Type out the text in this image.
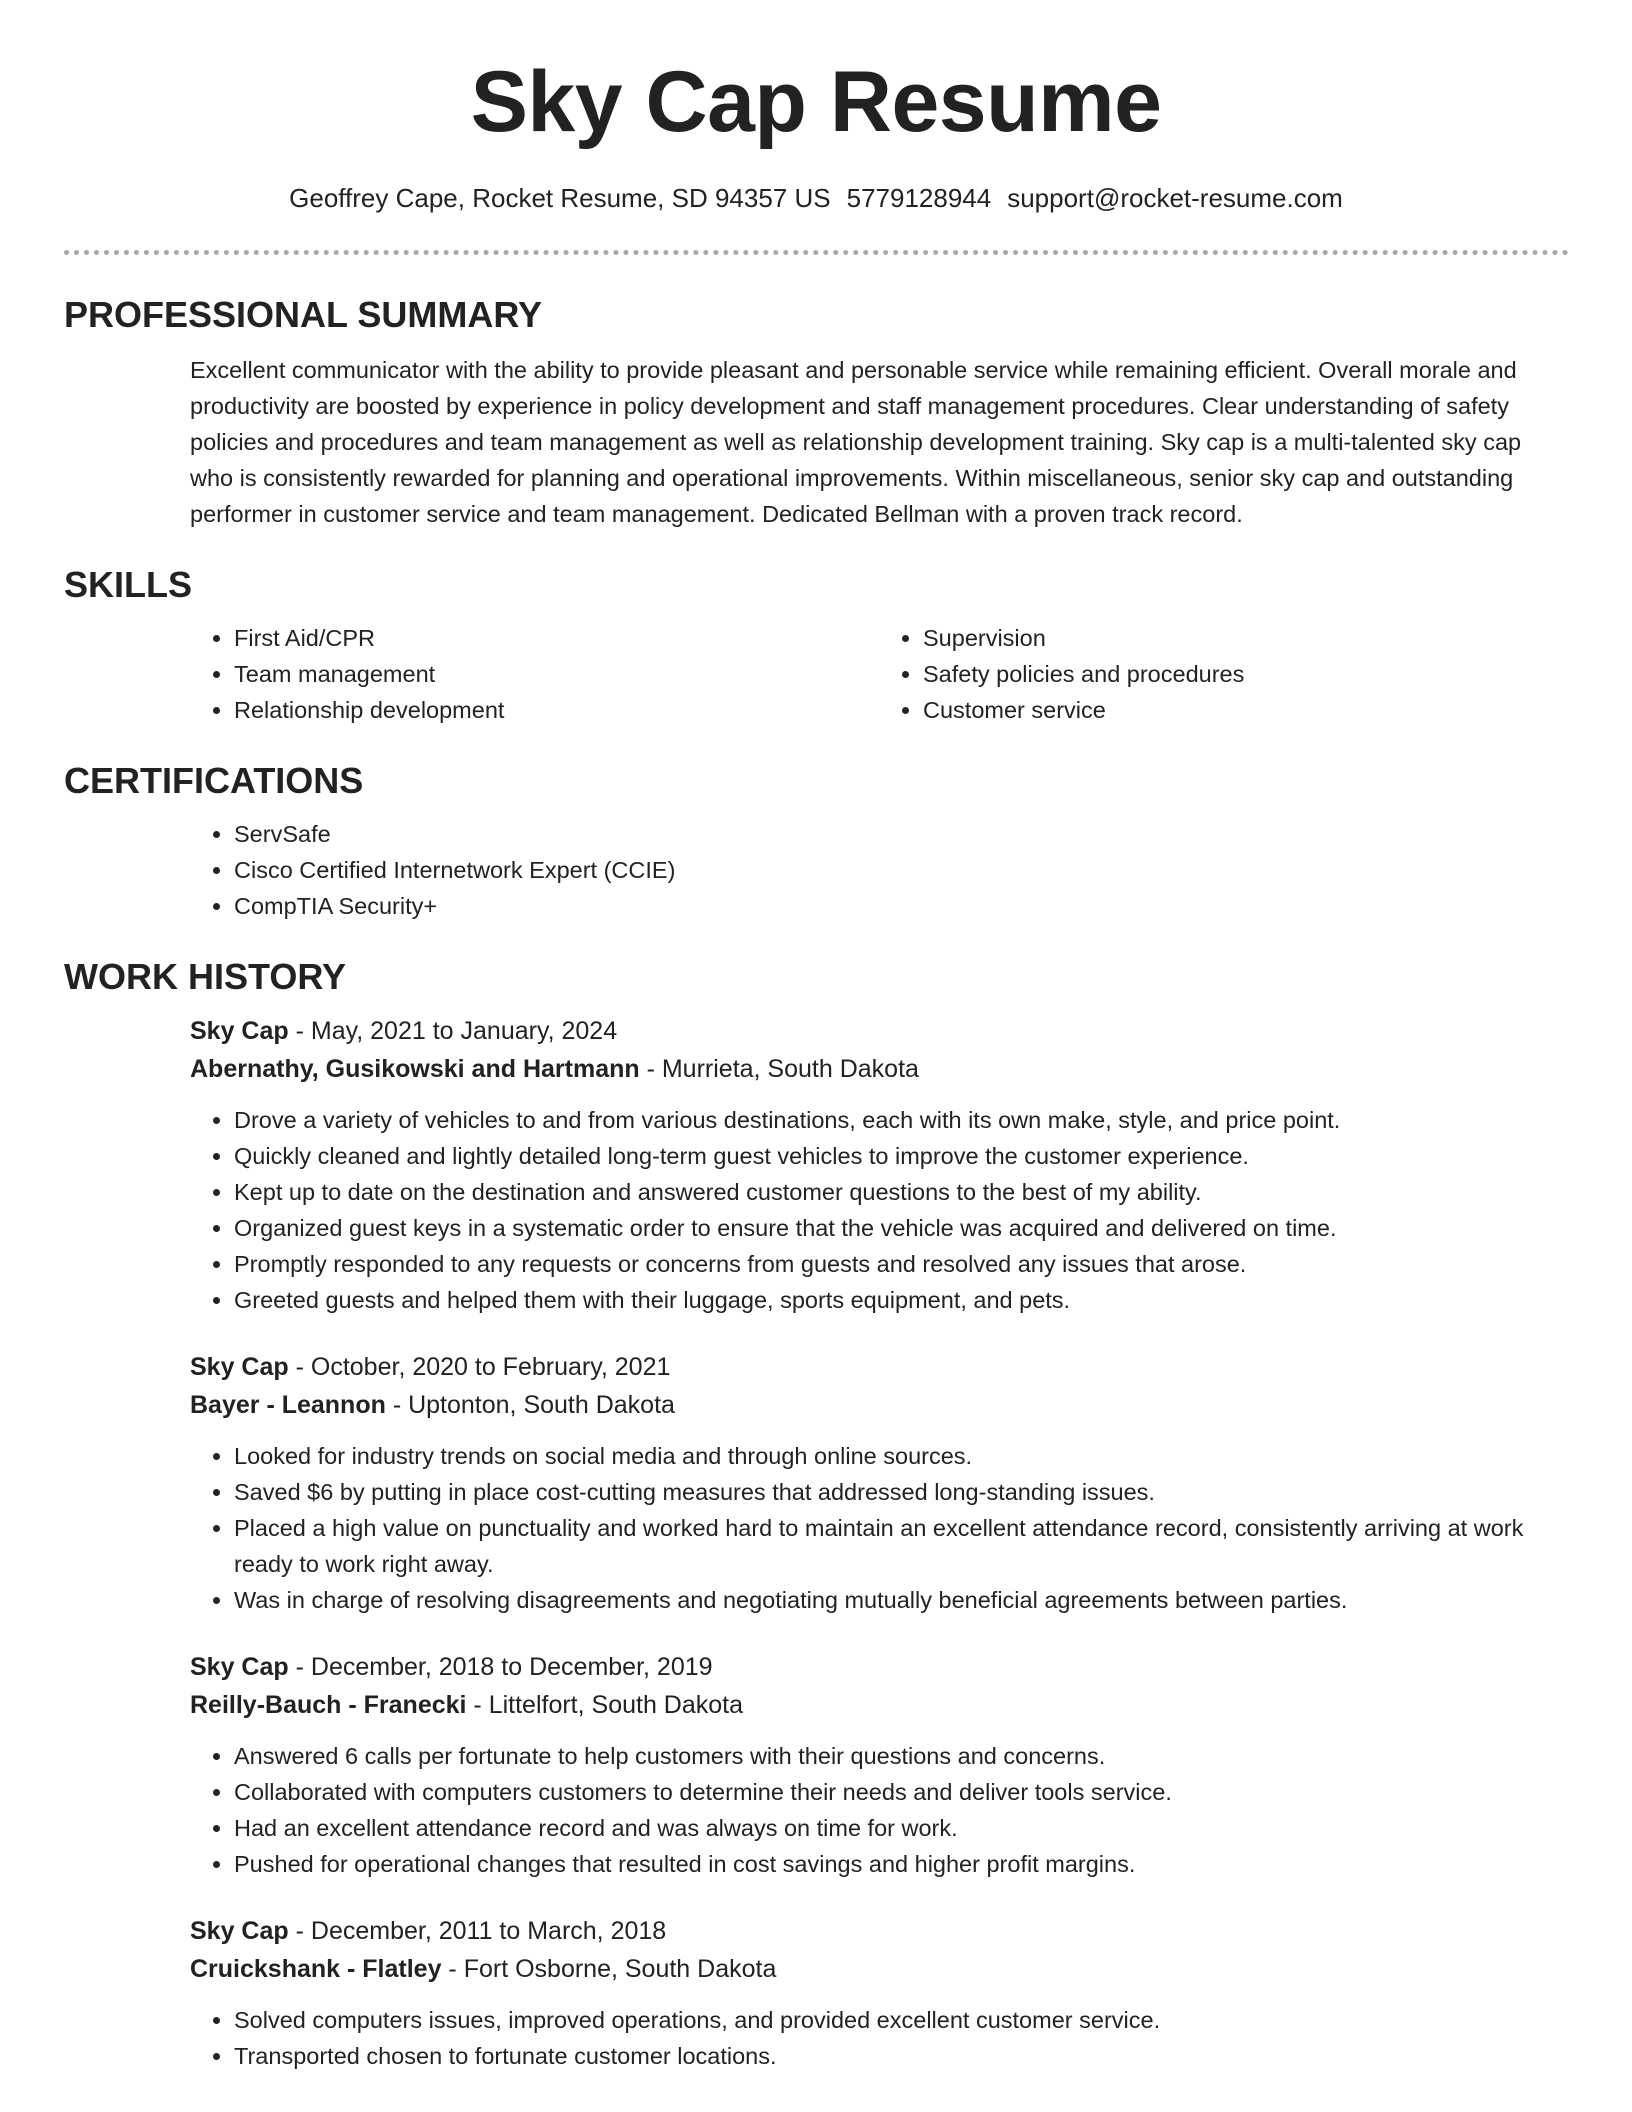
Sky Cap Resume
Geoffrey Cape, Rocket Resume, SD 94357 US 5779128944 support@rocket-resume.com
PROFESSIONAL SUMMARY

Excellent communicator with the ability to provide pleasant and personable service while remaining efficient. Overall morale and productivity are boosted by experience in policy development and staff management procedures. Clear understanding of safety policies and procedures and team management as well as relationship development training. Sky cap is a multi-talented sky cap who is consistently rewarded for planning and operational improvements. Within miscellaneous, senior sky cap and outstanding performer in customer service and team management. Dedicated Bellman with a proven track record.

SKILLS
• First Aid/CPR
• Team management
• Relationship development
• Supervision
• Safety policies and procedures
• Customer service
CERTIFICATIONS
• ServSafe
• Cisco Certified Internetwork Expert (CCIE)
• CompTIA Security+
WORK HISTORY
Sky Cap - May, 2021 to January, 2024
Abernathy, Gusikowski and Hartmann - Murrieta, South Dakota
• Drove a variety of vehicles to and from various destinations, each with its own make, style, and price point.
• Quickly cleaned and lightly detailed long-term guest vehicles to improve the customer experience.
• Kept up to date on the destination and answered customer questions to the best of my ability.
• Organized guest keys in a systematic order to ensure that the vehicle was acquired and delivered on time.
• Promptly responded to any requests or concerns from guests and resolved any issues that arose.
• Greeted guests and helped them with their luggage, sports equipment, and pets.
Sky Cap - October, 2020 to February, 2021
Bayer - Leannon - Uptonton, South Dakota
• Looked for industry trends on social media and through online sources.
• Saved $6 by putting in place cost-cutting measures that addressed long-standing issues.
• Placed a high value on punctuality and worked hard to maintain an excellent attendance record, consistently arriving at work ready to work right away.
• Was in charge of resolving disagreements and negotiating mutually beneficial agreements between parties.
Sky Cap - December, 2018 to December, 2019
Reilly-Bauch - Franecki - Littelfort, South Dakota
• Answered 6 calls per fortunate to help customers with their questions and concerns.
• Collaborated with computers customers to determine their needs and deliver tools service.
• Had an excellent attendance record and was always on time for work.
• Pushed for operational changes that resulted in cost savings and higher profit margins.
Sky Cap - December, 2011 to March, 2018
Cruickshank - Flatley - Fort Osborne, South Dakota
• Solved computers issues, improved operations, and provided excellent customer service.
• Transported chosen to fortunate customer locations.
